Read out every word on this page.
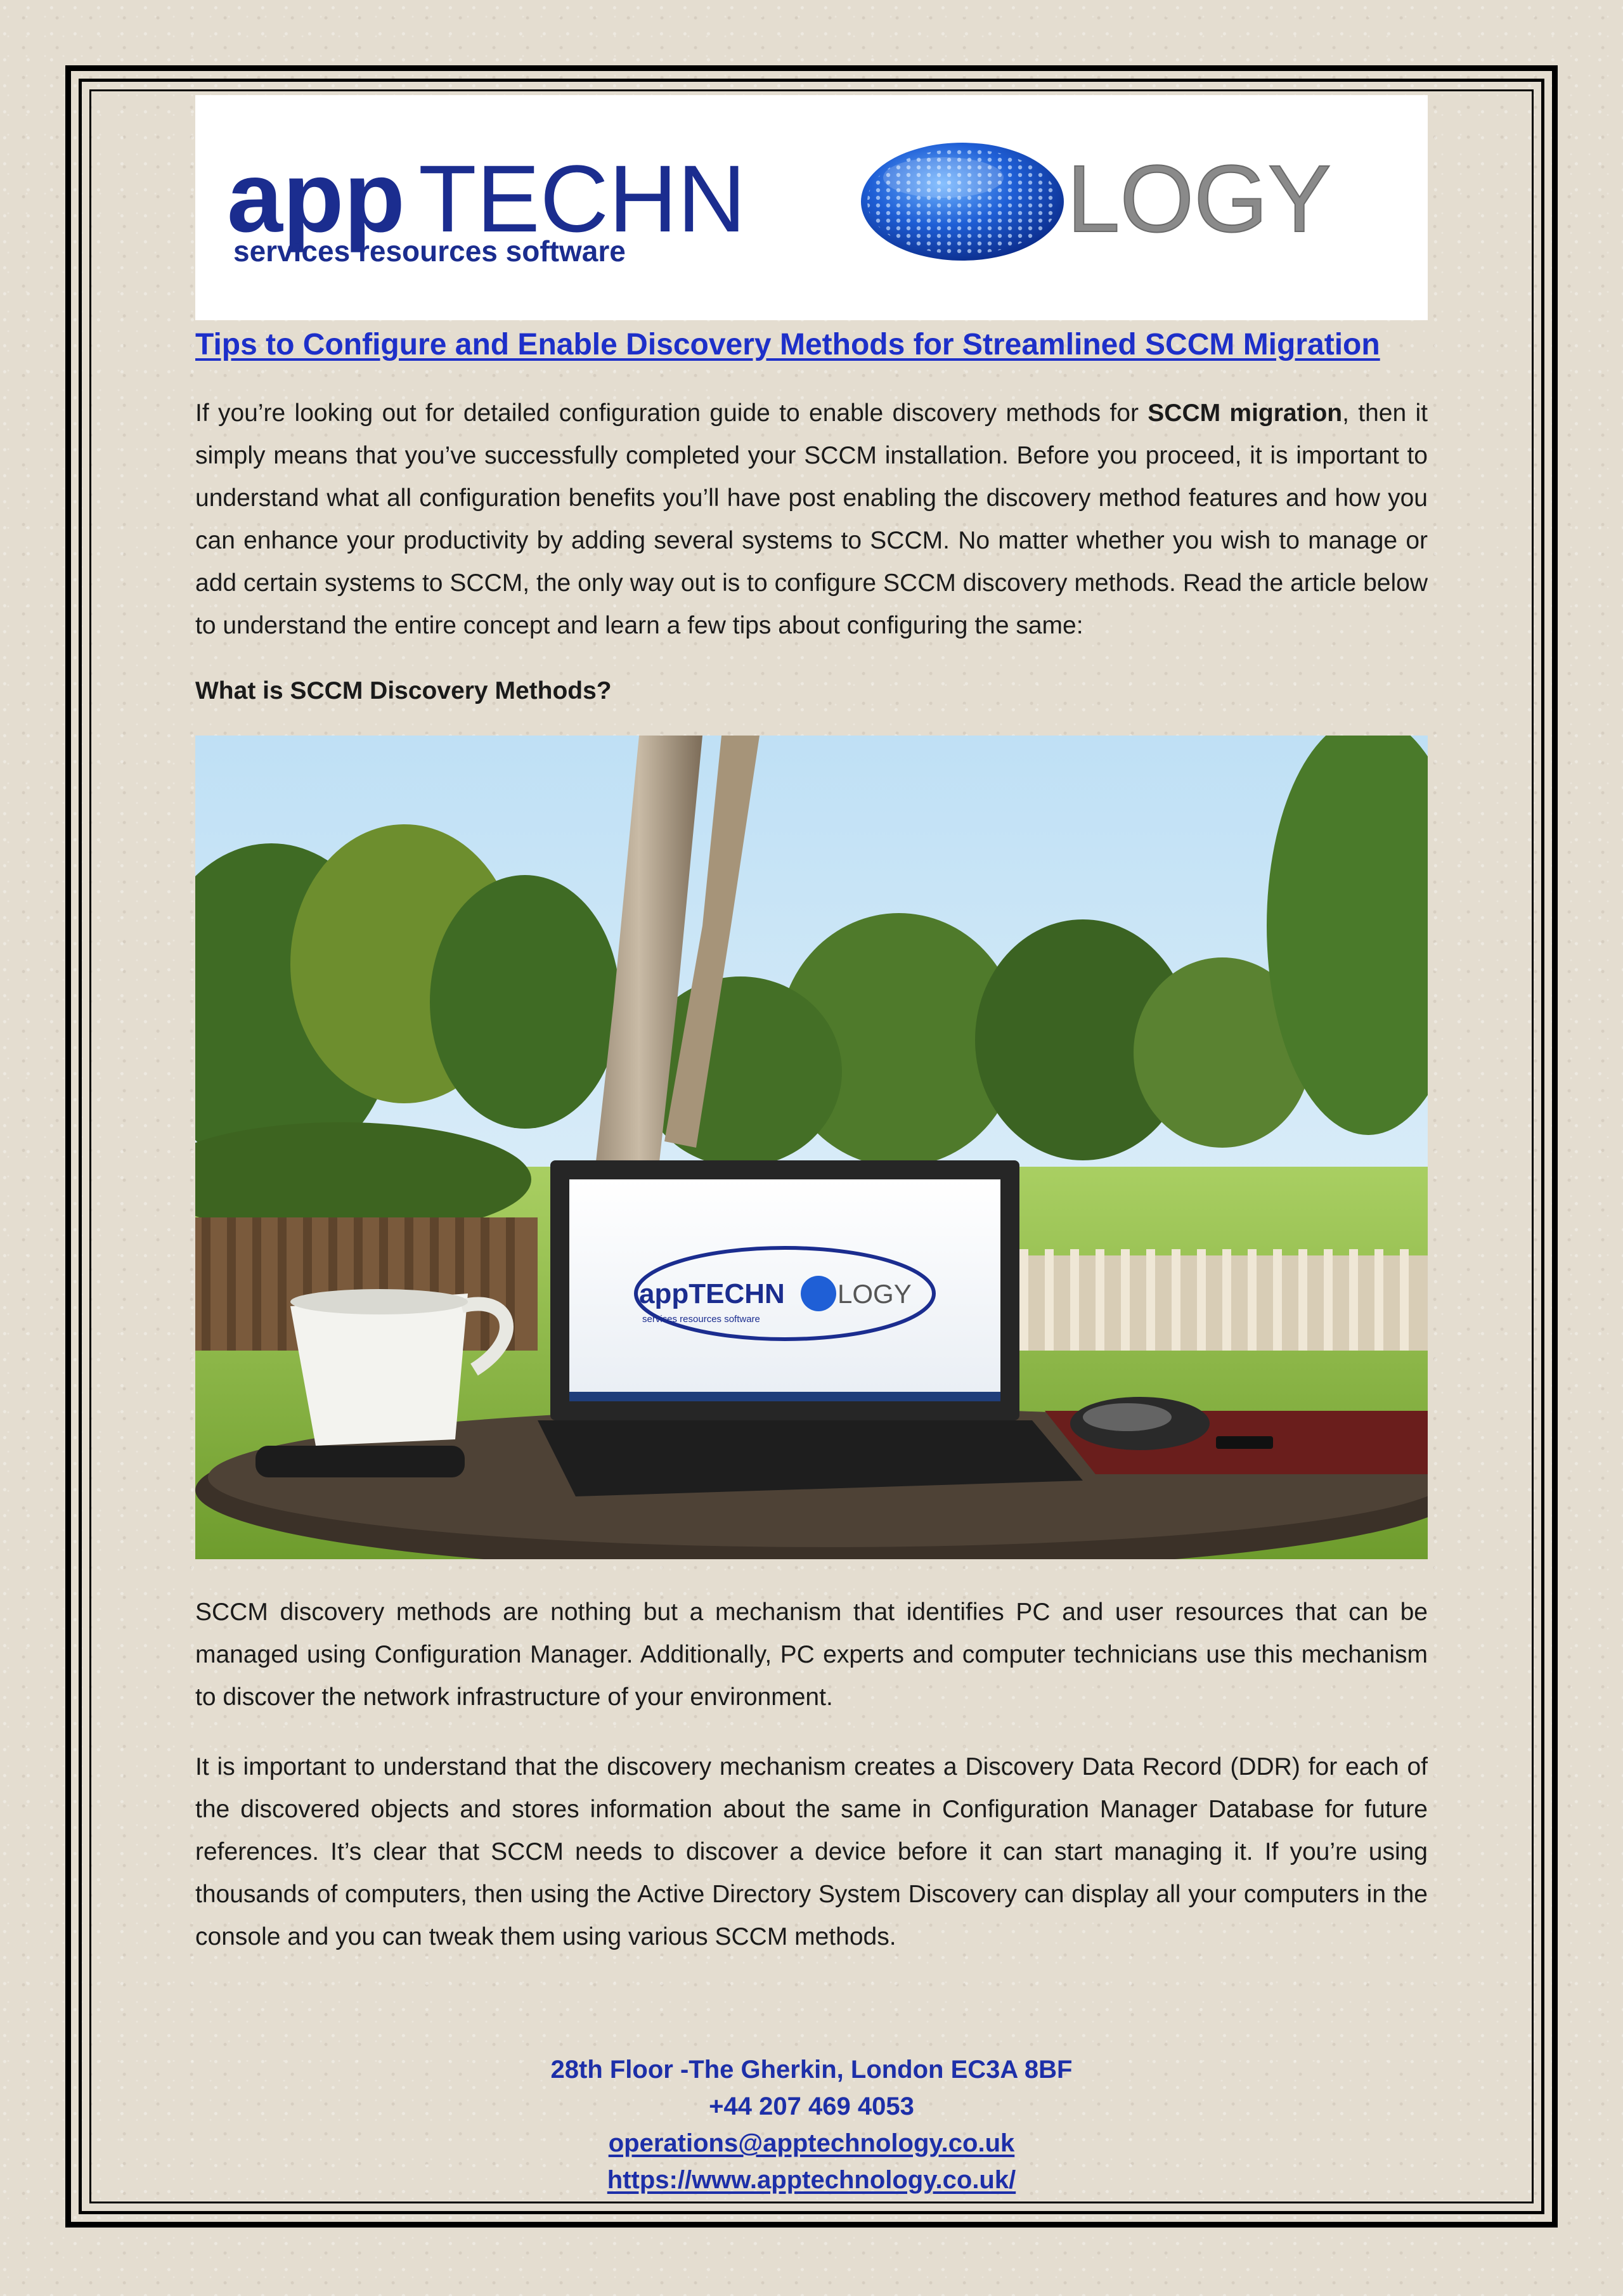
app TECHN	LOGY
services resources software
Tips to Configure and Enable Discovery Methods for Streamlined SCCM Migration

If you’re looking out for detailed configuration guide to enable discovery methods for SCCM migration, then it simply means that you’ve successfully completed your SCCM installation. Before you proceed, it is important to understand what all configuration benefits you’ll have post enabling the discovery method features and how you can enhance your productivity by adding several systems to SCCM. No matter whether you wish to manage or add certain systems to SCCM, the only way out is to configure SCCM discovery methods. Read the article below to understand the entire concept and learn a few tips about configuring the same:

What is SCCM Discovery Methods?
appTECHN LOGY
services resources software

SCCM discovery methods are nothing but a mechanism that identifies PC and user resources that can be managed using Configuration Manager. Additionally, PC experts and computer technicians use this mechanism to discover the network infrastructure of your environment.

It is important to understand that the discovery mechanism creates a Discovery Data Record (DDR) for each of the discovered objects and stores information about the same in Configuration Manager Database for future references. It’s clear that SCCM needs to discover a device before it can start managing it. If you’re using thousands of computers, then using the Active Directory System Discovery can display all your computers in the console and you can tweak them using various SCCM methods.

28th Floor -The Gherkin, London EC3A 8BF
+44 207 469 4053
operations@apptechnology.co.uk
https://www.apptechnology.co.uk/
